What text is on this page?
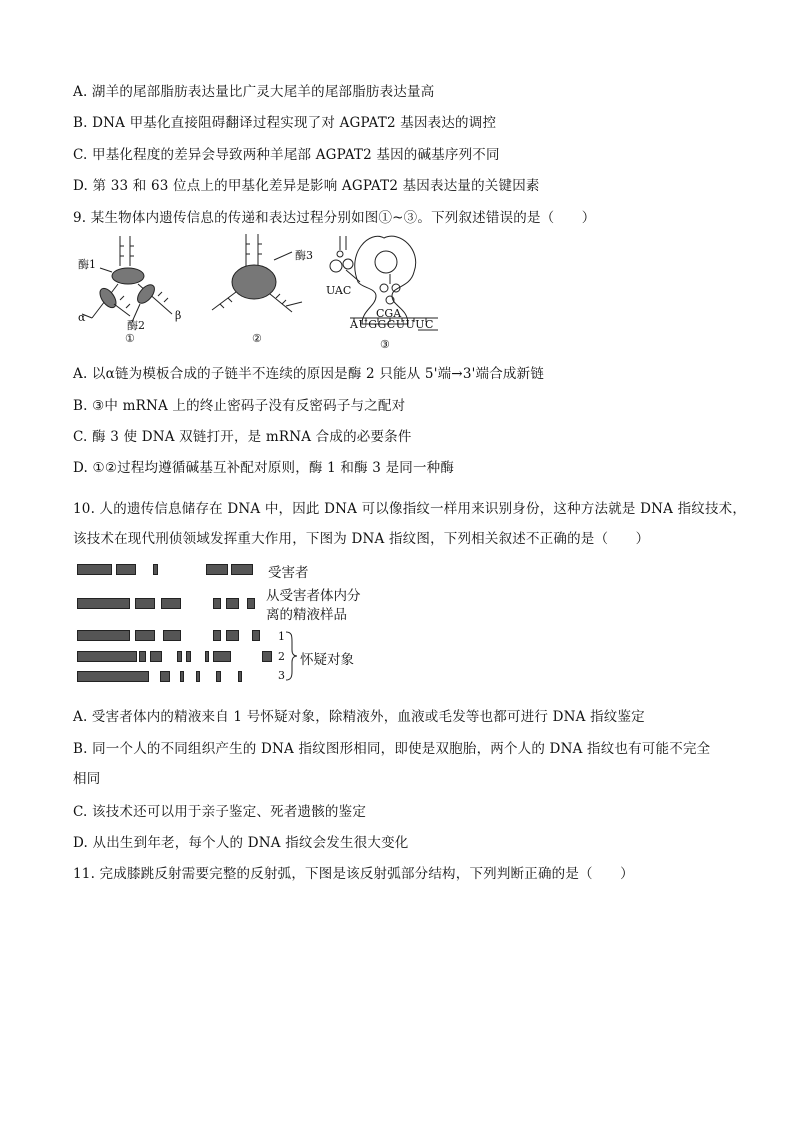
A. 湖羊的尾部脂肪表达量比广灵大尾羊的尾部脂肪表达量高
B. DNA 甲基化直接阻碍翻译过程实现了对 AGPAT2 基因表达的调控
C. 甲基化程度的差异会导致两种羊尾部 AGPAT2 基因的碱基序列不同
D. 第 33 和 63 位点上的甲基化差异是影响 AGPAT2 基因表达量的关键因素
9. 某生物体内遗传信息的传递和表达过程分别如图①~③。下列叙述错误的是（　　）
酶1
α
酶2
β
①
酶3
②
UAC
CGA
AUGGCUUUC
③
A. 以α链为模板合成的子链半不连续的原因是酶 2 只能从 5'端→3'端合成新链
B. ③中 mRNA 上的终止密码子没有反密码子与之配对
C. 酶 3 使 DNA 双链打开，是 mRNA 合成的必要条件
D. ①②过程均遵循碱基互补配对原则，酶 1 和酶 3 是同一种酶
10. 人的遗传信息储存在 DNA 中，因此 DNA 可以像指纹一样用来识别身份，这种方法就是 DNA 指纹技术，
该技术在现代刑侦领域发挥重大作用，下图为 DNA 指纹图，下列相关叙述不正确的是（　　）
受害者
从受害者体内分
离的精液样品
1
2
3
怀疑对象
A. 受害者体内的精液来自 1 号怀疑对象，除精液外，血液或毛发等也都可进行 DNA 指纹鉴定
B. 同一个人的不同组织产生的 DNA 指纹图形相同，即使是双胞胎，两个人的 DNA 指纹也有可能不完全
相同
C. 该技术还可以用于亲子鉴定、死者遗骸的鉴定
D. 从出生到年老，每个人的 DNA 指纹会发生很大变化
11. 完成膝跳反射需要完整的反射弧，下图是该反射弧部分结构，下列判断正确的是（　　）
